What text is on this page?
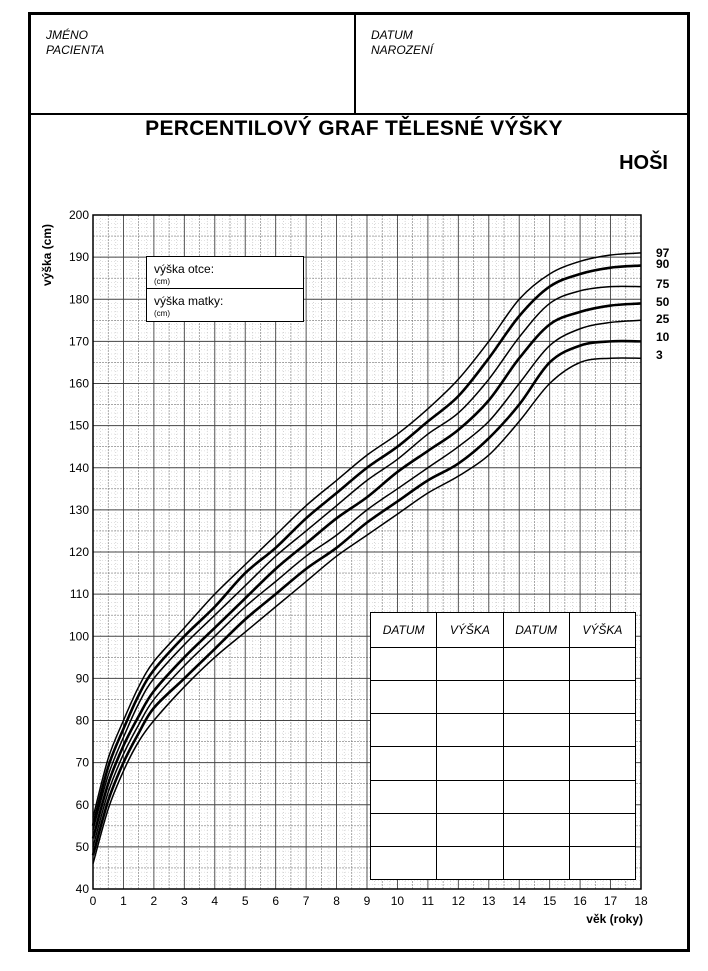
JMÉNO
PACIENTA
DATUM
NAROZENÍ
PERCENTILOVÝ GRAF TĚLESNÉ VÝŠKY
HOŠI
40
50
60
70
80
90
100
110
120
130
140
150
160
170
180
190
200
0 1 2 3 4 5 6 7 8 9 10 11 12 13 14 15 16 17 18
97
90
75
50
25
10
3
výška (cm)
věk (roky)
výška otce:
(cm)
výška matky:
(cm)
DATUM	VÝŠKA	DATUM	VÝŠKA
